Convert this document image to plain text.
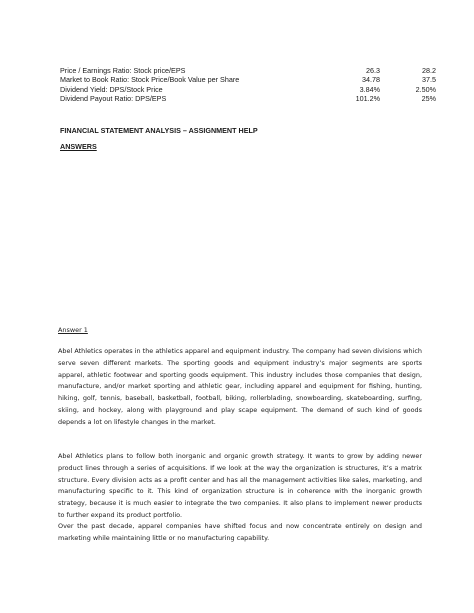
Price / Earnings Ratio: Stock price/EPS	26.3	28.2
Market to Book Ratio: Stock Price/Book Value per Share	34.78	37.5
Dividend Yield: DPS/Stock Price	3.84%	2.50%
Dividend Payout Ratio: DPS/EPS	101.2%	25%
FINANCIAL STATEMENT ANALYSIS – ASSIGNMENT HELP
ANSWERS
Answer 1
Abel Athletics operates in the athletics apparel and equipment industry. The company had seven divisions which serve seven different markets. The sporting goods and equipment industry’s major segments are sports apparel, athletic footwear and sporting goods equipment. This industry includes those companies that design, manufacture, and/or market sporting and athletic gear, including apparel and equipment for fishing, hunting, hiking, golf, tennis, baseball, basketball, football, biking, rollerblading, snowboarding, skateboarding, surfing, skiing, and hockey, along with playground and play scape equipment. The demand of such kind of goods depends a lot on lifestyle changes in the market.
Abel Athletics plans to follow both inorganic and organic growth strategy. It wants to grow by adding newer product lines through a series of acquisitions. If we look at the way the organization is structures, it’s a matrix structure. Every division acts as a profit center and has all the management activities like sales, marketing, and manufacturing specific to it. This kind of organization structure is in coherence with the inorganic growth strategy, because it is much easier to integrate the two companies. It also plans to implement newer products to further expand its product portfolio.
Over the past decade, apparel companies have shifted focus and now concentrate entirely on design and marketing while maintaining little or no manufacturing capability.
